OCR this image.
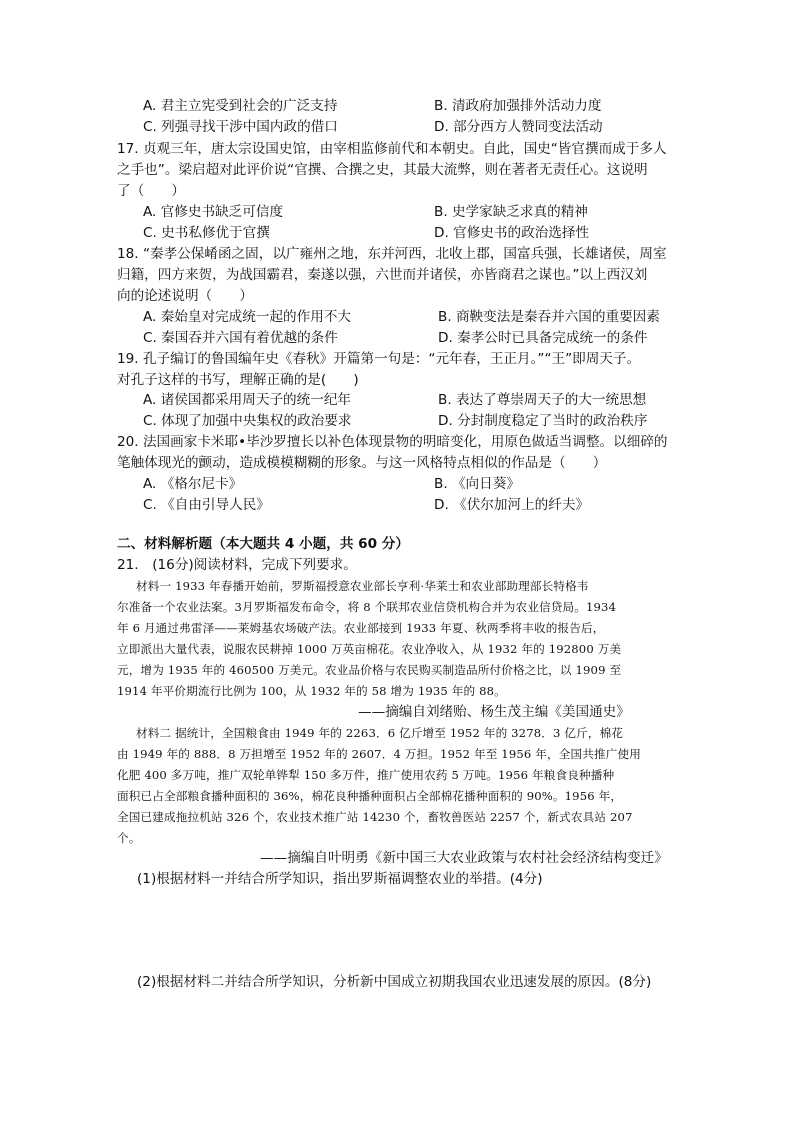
A. 君主立宪受到社会的广泛支持	B. 清政府加强排外活动力度
C. 列强寻找干涉中国内政的借口	D. 部分西方人赞同变法活动
17. 贞观三年，唐太宗设国史馆，由宰相监修前代和本朝史。自此，国史“皆官撰而成于多人
之手也”。梁启超对此评价说“官撰、合撰之史，其最大流弊，则在著者无责任心。这说明
了（　　）
A. 官修史书缺乏可信度	B. 史学家缺乏求真的精神
C. 史书私修优于官撰	D. 官修史书的政治选择性
18. “秦孝公保崤函之固，以广雍州之地，东并河西，北收上郡，国富兵强，长雄诸侯，周室
归籍，四方来贺，为战国霸君，秦遂以强，六世而并诸侯，亦皆商君之谋也。”以上西汉刘
向的论述说明（　　）
A. 秦始皇对完成统一起的作用不大	B. 商鞅变法是秦吞并六国的重要因素
C. 秦国吞并六国有着优越的条件	D. 秦孝公时已具备完成统一的条件
19. 孔子编订的鲁国编年史《春秋》开篇第一句是：“元年春，王正月。”“王”即周天子。
对孔子这样的书写，理解正确的是(　　)
A. 诸侯国都采用周天子的统一纪年	B. 表达了尊崇周天子的大一统思想
C. 体现了加强中央集权的政治要求	D. 分封制度稳定了当时的政治秩序
20. 法国画家卡米耶•毕沙罗擅长以补色体现景物的明暗变化，用原色做适当调整。以细碎的
笔触体现光的颤动，造成模模糊糊的形象。与这一风格特点相似的作品是（　　）
A. 《格尔尼卡》	B. 《向日葵》
C. 《自由引导人民》	D. 《伏尔加河上的纤夫》
二、材料解析题（本大题共 4 小题，共 60 分）
21.　(16分)阅读材料，完成下列要求。
材料一 1933 年春播开始前，罗斯福授意农业部长亨利·华莱士和农业部助理部长特格韦
尔准备一个农业法案。3月罗斯福发布命令，将 8 个联邦农业信贷机构合并为农业信贷局。1934
年 6 月通过弗雷泽——莱姆基农场破产法。农业部接到 1933 年夏、秋两季将丰收的报告后，
立即派出大量代表，说服农民耕掉 1000 万英亩棉花。农业净收入，从 1932 年的 192800 万美
元，增为 1935 年的 460500 万美元。农业品价格与农民购买制造品所付价格之比，以 1909 至
1914 年平价期流行比例为 100，从 1932 年的 58 增为 1935 年的 88。
——摘编自刘绪贻、杨生茂主编《美国通史》
材料二 据统计，全国粮食由 1949 年的 2263．6 亿斤增至 1952 年的 3278．3 亿斤，棉花
由 1949 年的 888．8 万担增至 1952 年的 2607．4 万担。1952 年至 1956 年，全国共推广使用
化肥 400 多万吨，推广双轮单铧犁 150 多万件，推广使用农药 5 万吨。1956 年粮食良种播种
面积已占全部粮食播种面积的 36%，棉花良种播种面积占全部棉花播种面积的 90%。1956 年，
全国已建成拖拉机站 326 个，农业技术推广站 14230 个，畜牧兽医站 2257 个，新式农具站 207
个。
——摘编自叶明勇《新中国三大农业政策与农村社会经济结构变迁》
(1)根据材料一并结合所学知识，指出罗斯福调整农业的举措。(4分)
(2)根据材料二并结合所学知识，分析新中国成立初期我国农业迅速发展的原因。(8分)
